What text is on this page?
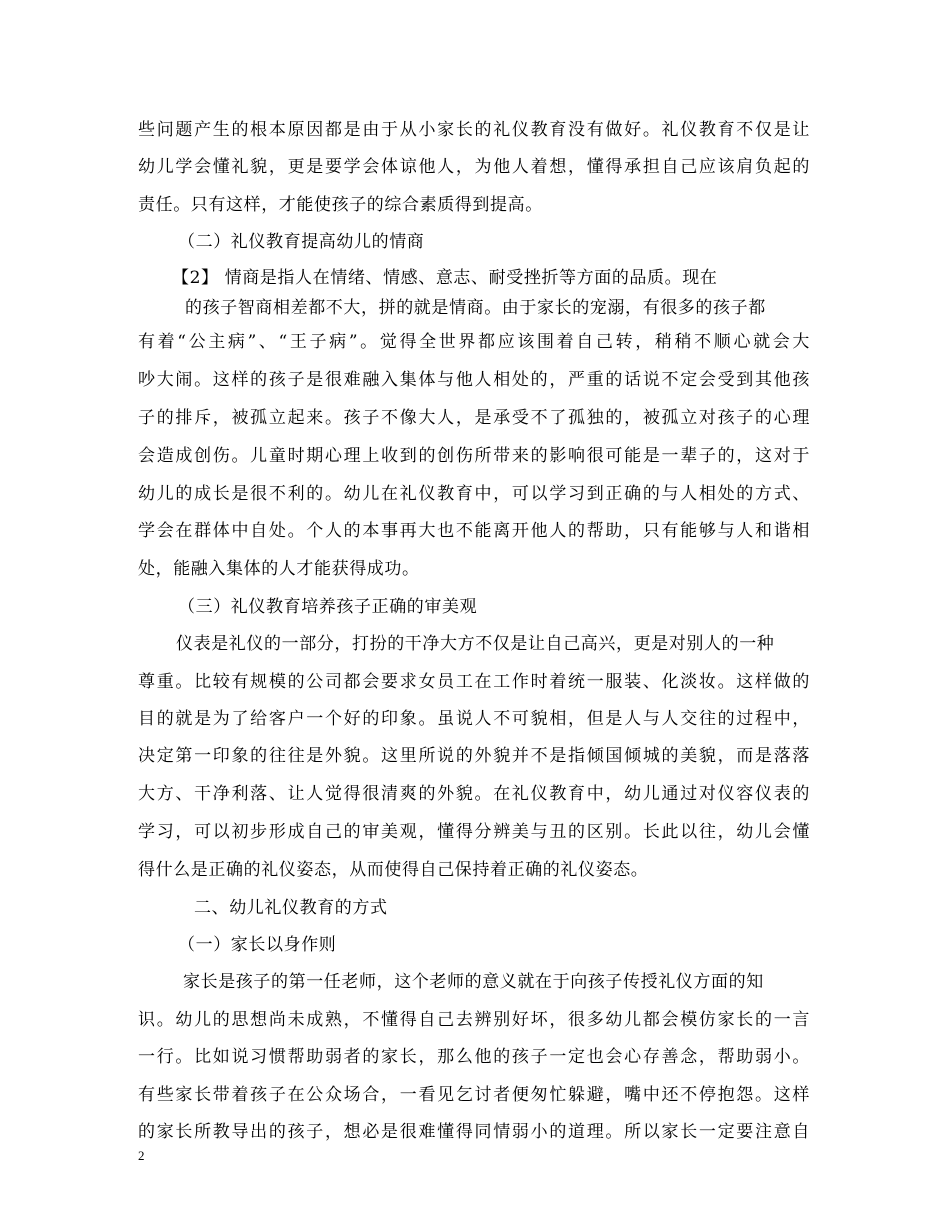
些问题产生的根本原因都是由于从小家长的礼仪教育没有做好。礼仪教育不仅是让
幼儿学会懂礼貌，更是要学会体谅他人，为他人着想，懂得承担自己应该肩负起的
责任。只有这样，才能使孩子的综合素质得到提高。
（二）礼仪教育提高幼儿的情商
【2】 情商是指人在情绪、情感、意志、耐受挫折等方面的品质。现在
的孩子智商相差都不大，拼的就是情商。由于家长的宠溺，有很多的孩子都
有着“公主病”、“王子病”。觉得全世界都应该围着自己转，稍稍不顺心就会大
吵大闹。这样的孩子是很难融入集体与他人相处的，严重的话说不定会受到其他孩
子的排斥，被孤立起来。孩子不像大人，是承受不了孤独的，被孤立对孩子的心理
会造成创伤。儿童时期心理上收到的创伤所带来的影响很可能是一辈子的，这对于
幼儿的成长是很不利的。幼儿在礼仪教育中，可以学习到正确的与人相处的方式、
学会在群体中自处。个人的本事再大也不能离开他人的帮助，只有能够与人和谐相
处，能融入集体的人才能获得成功。
（三）礼仪教育培养孩子正确的审美观
仪表是礼仪的一部分，打扮的干净大方不仅是让自己高兴，更是对别人的一种
尊重。比较有规模的公司都会要求女员工在工作时着统一服装、化淡妆。这样做的
目的就是为了给客户一个好的印象。虽说人不可貌相，但是人与人交往的过程中，
决定第一印象的往往是外貌。这里所说的外貌并不是指倾国倾城的美貌，而是落落
大方、干净利落、让人觉得很清爽的外貌。在礼仪教育中，幼儿通过对仪容仪表的
学习，可以初步形成自己的审美观，懂得分辨美与丑的区别。长此以往，幼儿会懂
得什么是正确的礼仪姿态，从而使得自己保持着正确的礼仪姿态。
二、幼儿礼仪教育的方式
（一）家长以身作则
家长是孩子的第一任老师，这个老师的意义就在于向孩子传授礼仪方面的知
识。幼儿的思想尚未成熟，不懂得自己去辨别好坏，很多幼儿都会模仿家长的一言
一行。比如说习惯帮助弱者的家长，那么他的孩子一定也会心存善念，帮助弱小。
有些家长带着孩子在公众场合，一看见乞讨者便匆忙躲避，嘴中还不停抱怨。这样
的家长所教导出的孩子，想必是很难懂得同情弱小的道理。所以家长一定要注意自
2
